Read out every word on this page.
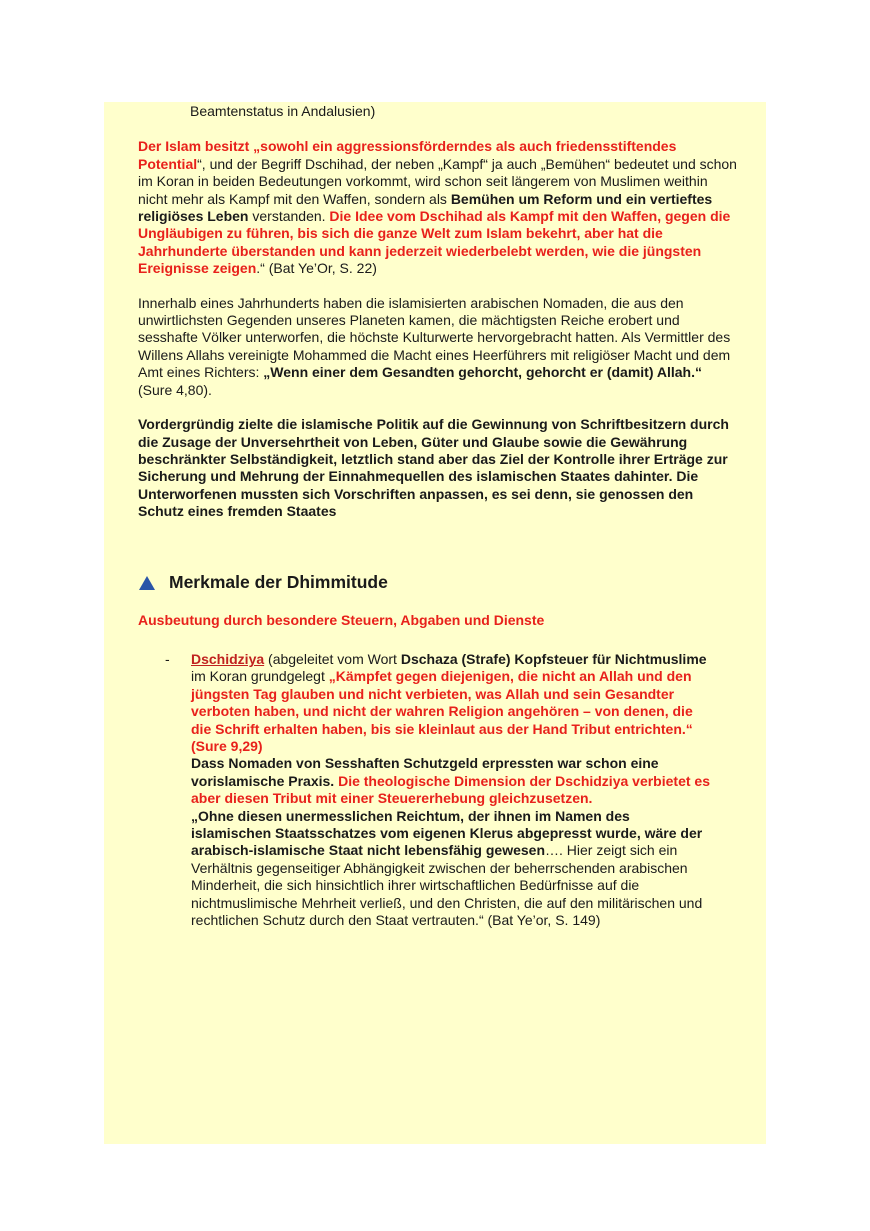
Beamtenstatus in Andalusien)

Der Islam besitzt „sowohl ein aggressionsförderndes als auch friedensstiftendes Potential“, und der Begriff Dschihad, der neben „Kampf“ ja auch „Bemühen“ bedeutet und schon im Koran in beiden Bedeutungen vorkommt, wird schon seit längerem von Muslimen weithin nicht mehr als Kampf mit den Waffen, sondern als Bemühen um Reform und ein vertieftes religiöses Leben verstanden. Die Idee vom Dschihad als Kampf mit den Waffen, gegen die Ungläubigen zu führen, bis sich die ganze Welt zum Islam bekehrt, aber hat die Jahrhunderte überstanden und kann jederzeit wiederbelebt werden, wie die jüngsten Ereignisse zeigen.“ (Bat Ye’Or, S. 22)

Innerhalb eines Jahrhunderts haben die islamisierten arabischen Nomaden, die aus den unwirtlichsten Gegenden unseres Planeten kamen, die mächtigsten Reiche erobert und sesshafte Völker unterworfen, die höchste Kulturwerte hervorgebracht hatten. Als Vermittler des Willens Allahs vereinigte Mohammed die Macht eines Heerführers mit religiöser Macht und dem Amt eines Richters: „Wenn einer dem Gesandten gehorcht, gehorcht er (damit) Allah.“ (Sure 4,80).

Vordergründig zielte die islamische Politik auf die Gewinnung von Schriftbesitzern durch die Zusage der Unversehrtheit von Leben, Güter und Glaube sowie die Gewährung beschränkter Selbständigkeit, letztlich stand aber das Ziel der Kontrolle ihrer Erträge zur Sicherung und Mehrung der Einnahmequellen des islamischen Staates dahinter. Die Unterworfenen mussten sich Vorschriften anpassen, es sei denn, sie genossen den Schutz eines fremden Staates

Merkmale der Dhimmitude

Ausbeutung durch besondere Steuern, Abgaben und Dienste

-	Dschidziya (abgeleitet vom Wort Dschaza (Strafe) Kopfsteuer für Nichtmuslime im Koran grundgelegt „Kämpfet gegen diejenigen, die nicht an Allah und den jüngsten Tag glauben und nicht verbieten, was Allah und sein Gesandter verboten haben, und nicht der wahren Religion angehören – von denen, die die Schrift erhalten haben, bis sie kleinlaut aus der Hand Tribut entrichten.“ (Sure 9,29)

Dass Nomaden von Sesshaften Schutzgeld erpressten war schon eine vorislamische Praxis. Die theologische Dimension der Dschidziya verbietet es aber diesen Tribut mit einer Steuererhebung gleichzusetzen.

„Ohne diesen unermesslichen Reichtum, der ihnen im Namen des islamischen Staatsschatzes vom eigenen Klerus abgepresst wurde, wäre der arabisch-islamische Staat nicht lebensfähig gewesen…. Hier zeigt sich ein Verhältnis gegenseitiger Abhängigkeit zwischen der beherrschenden arabischen Minderheit, die sich hinsichtlich ihrer wirtschaftlichen Bedürfnisse auf die nichtmuslimische Mehrheit verließ, und den Christen, die auf den militärischen und rechtlichen Schutz durch den Staat vertrauten.“ (Bat Ye’or, S. 149)
